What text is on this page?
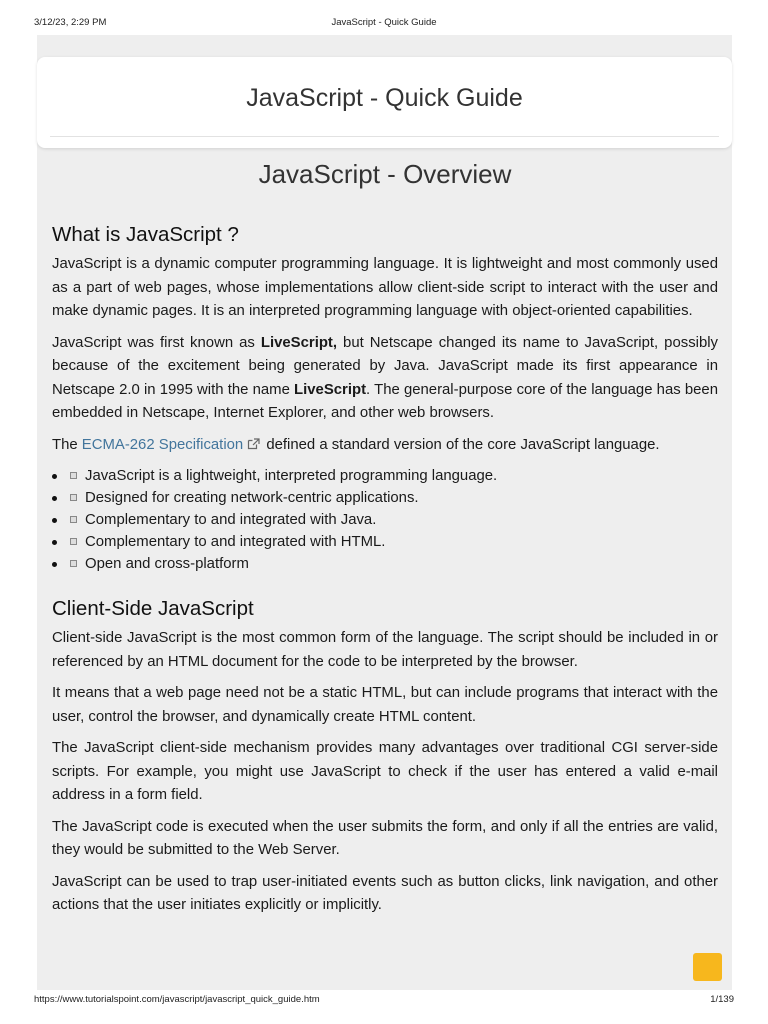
3/12/23, 2:29 PM	JavaScript - Quick Guide
JavaScript - Quick Guide
JavaScript - Overview
What is JavaScript ?

JavaScript is a dynamic computer programming language. It is lightweight and most commonly used as a part of web pages, whose implementations allow client-side script to interact with the user and make dynamic pages. It is an interpreted programming language with object-oriented capabilities.

JavaScript was first known as LiveScript, but Netscape changed its name to JavaScript, possibly because of the excitement being generated by Java. JavaScript made its first appearance in Netscape 2.0 in 1995 with the name LiveScript. The general-purpose core of the language has been embedded in Netscape, Internet Explorer, and other web browsers.

The ECMA-262 Specification defined a standard version of the core JavaScript language.

JavaScript is a lightweight, interpreted programming language.
Designed for creating network-centric applications.
Complementary to and integrated with Java.
Complementary to and integrated with HTML.
Open and cross-platform
Client-Side JavaScript

Client-side JavaScript is the most common form of the language. The script should be included in or referenced by an HTML document for the code to be interpreted by the browser.

It means that a web page need not be a static HTML, but can include programs that interact with the user, control the browser, and dynamically create HTML content.

The JavaScript client-side mechanism provides many advantages over traditional CGI server-side scripts. For example, you might use JavaScript to check if the user has entered a valid e-mail address in a form field.

The JavaScript code is executed when the user submits the form, and only if all the entries are valid, they would be submitted to the Web Server.

JavaScript can be used to trap user-initiated events such as button clicks, link navigation, and other actions that the user initiates explicitly or implicitly.

https://www.tutorialspoint.com/javascript/javascript_quick_guide.htm	1/139
